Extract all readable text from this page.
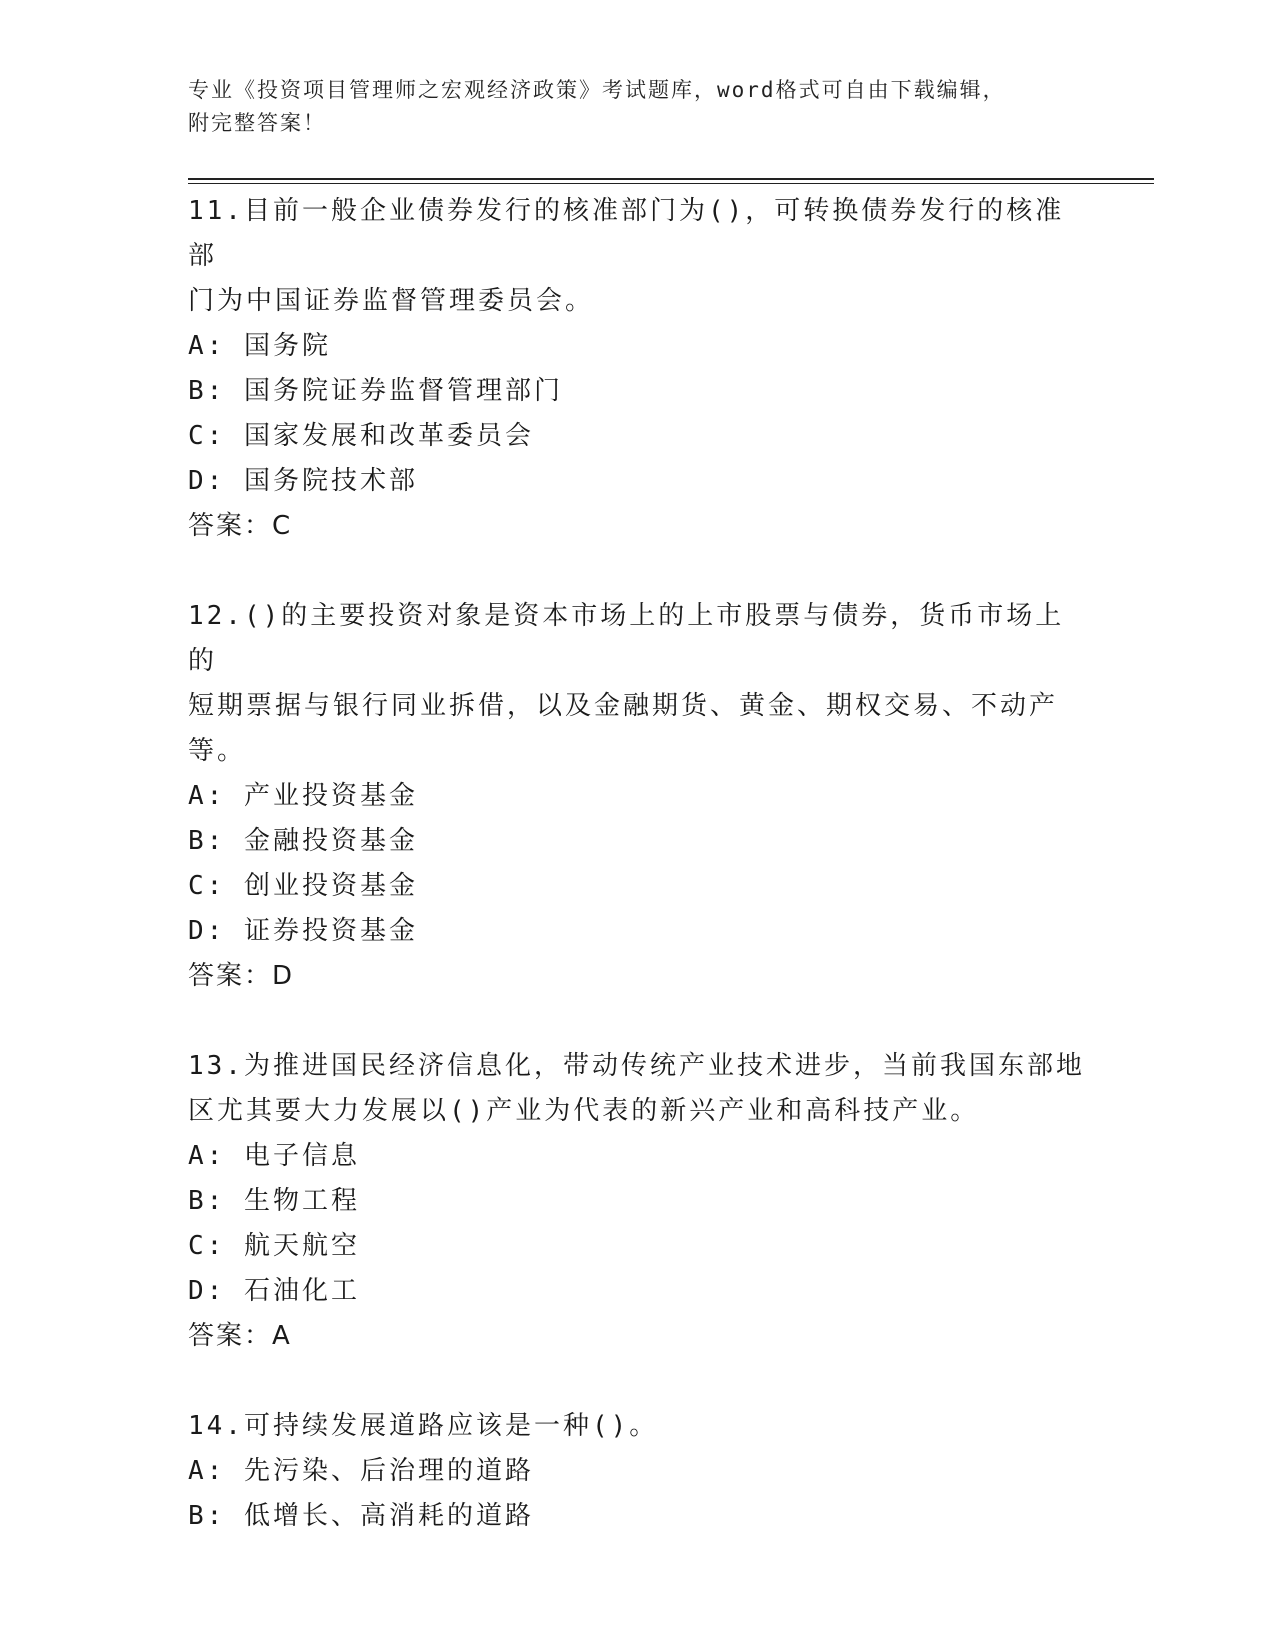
专业《投资项目管理师之宏观经济政策》考试题库，word格式可自由下载编辑，
附完整答案！

11.目前一般企业债券发行的核准部门为()，可转换债券发行的核准部

门为中国证券监督管理委员会。

A: 国务院

B: 国务院证券监督管理部门

C: 国家发展和改革委员会

D: 国务院技术部

答案：C

12.()的主要投资对象是资本市场上的上市股票与债券，货币市场上的

短期票据与银行同业拆借，以及金融期货、黄金、期权交易、不动产

等。

A: 产业投资基金

B: 金融投资基金

C: 创业投资基金

D: 证券投资基金

答案：D

13.为推进国民经济信息化，带动传统产业技术进步，当前我国东部地

区尤其要大力发展以()产业为代表的新兴产业和高科技产业。

A: 电子信息

B: 生物工程

C: 航天航空

D: 石油化工

答案：A

14.可持续发展道路应该是一种()。

A: 先污染、后治理的道路

B: 低增长、高消耗的道路
